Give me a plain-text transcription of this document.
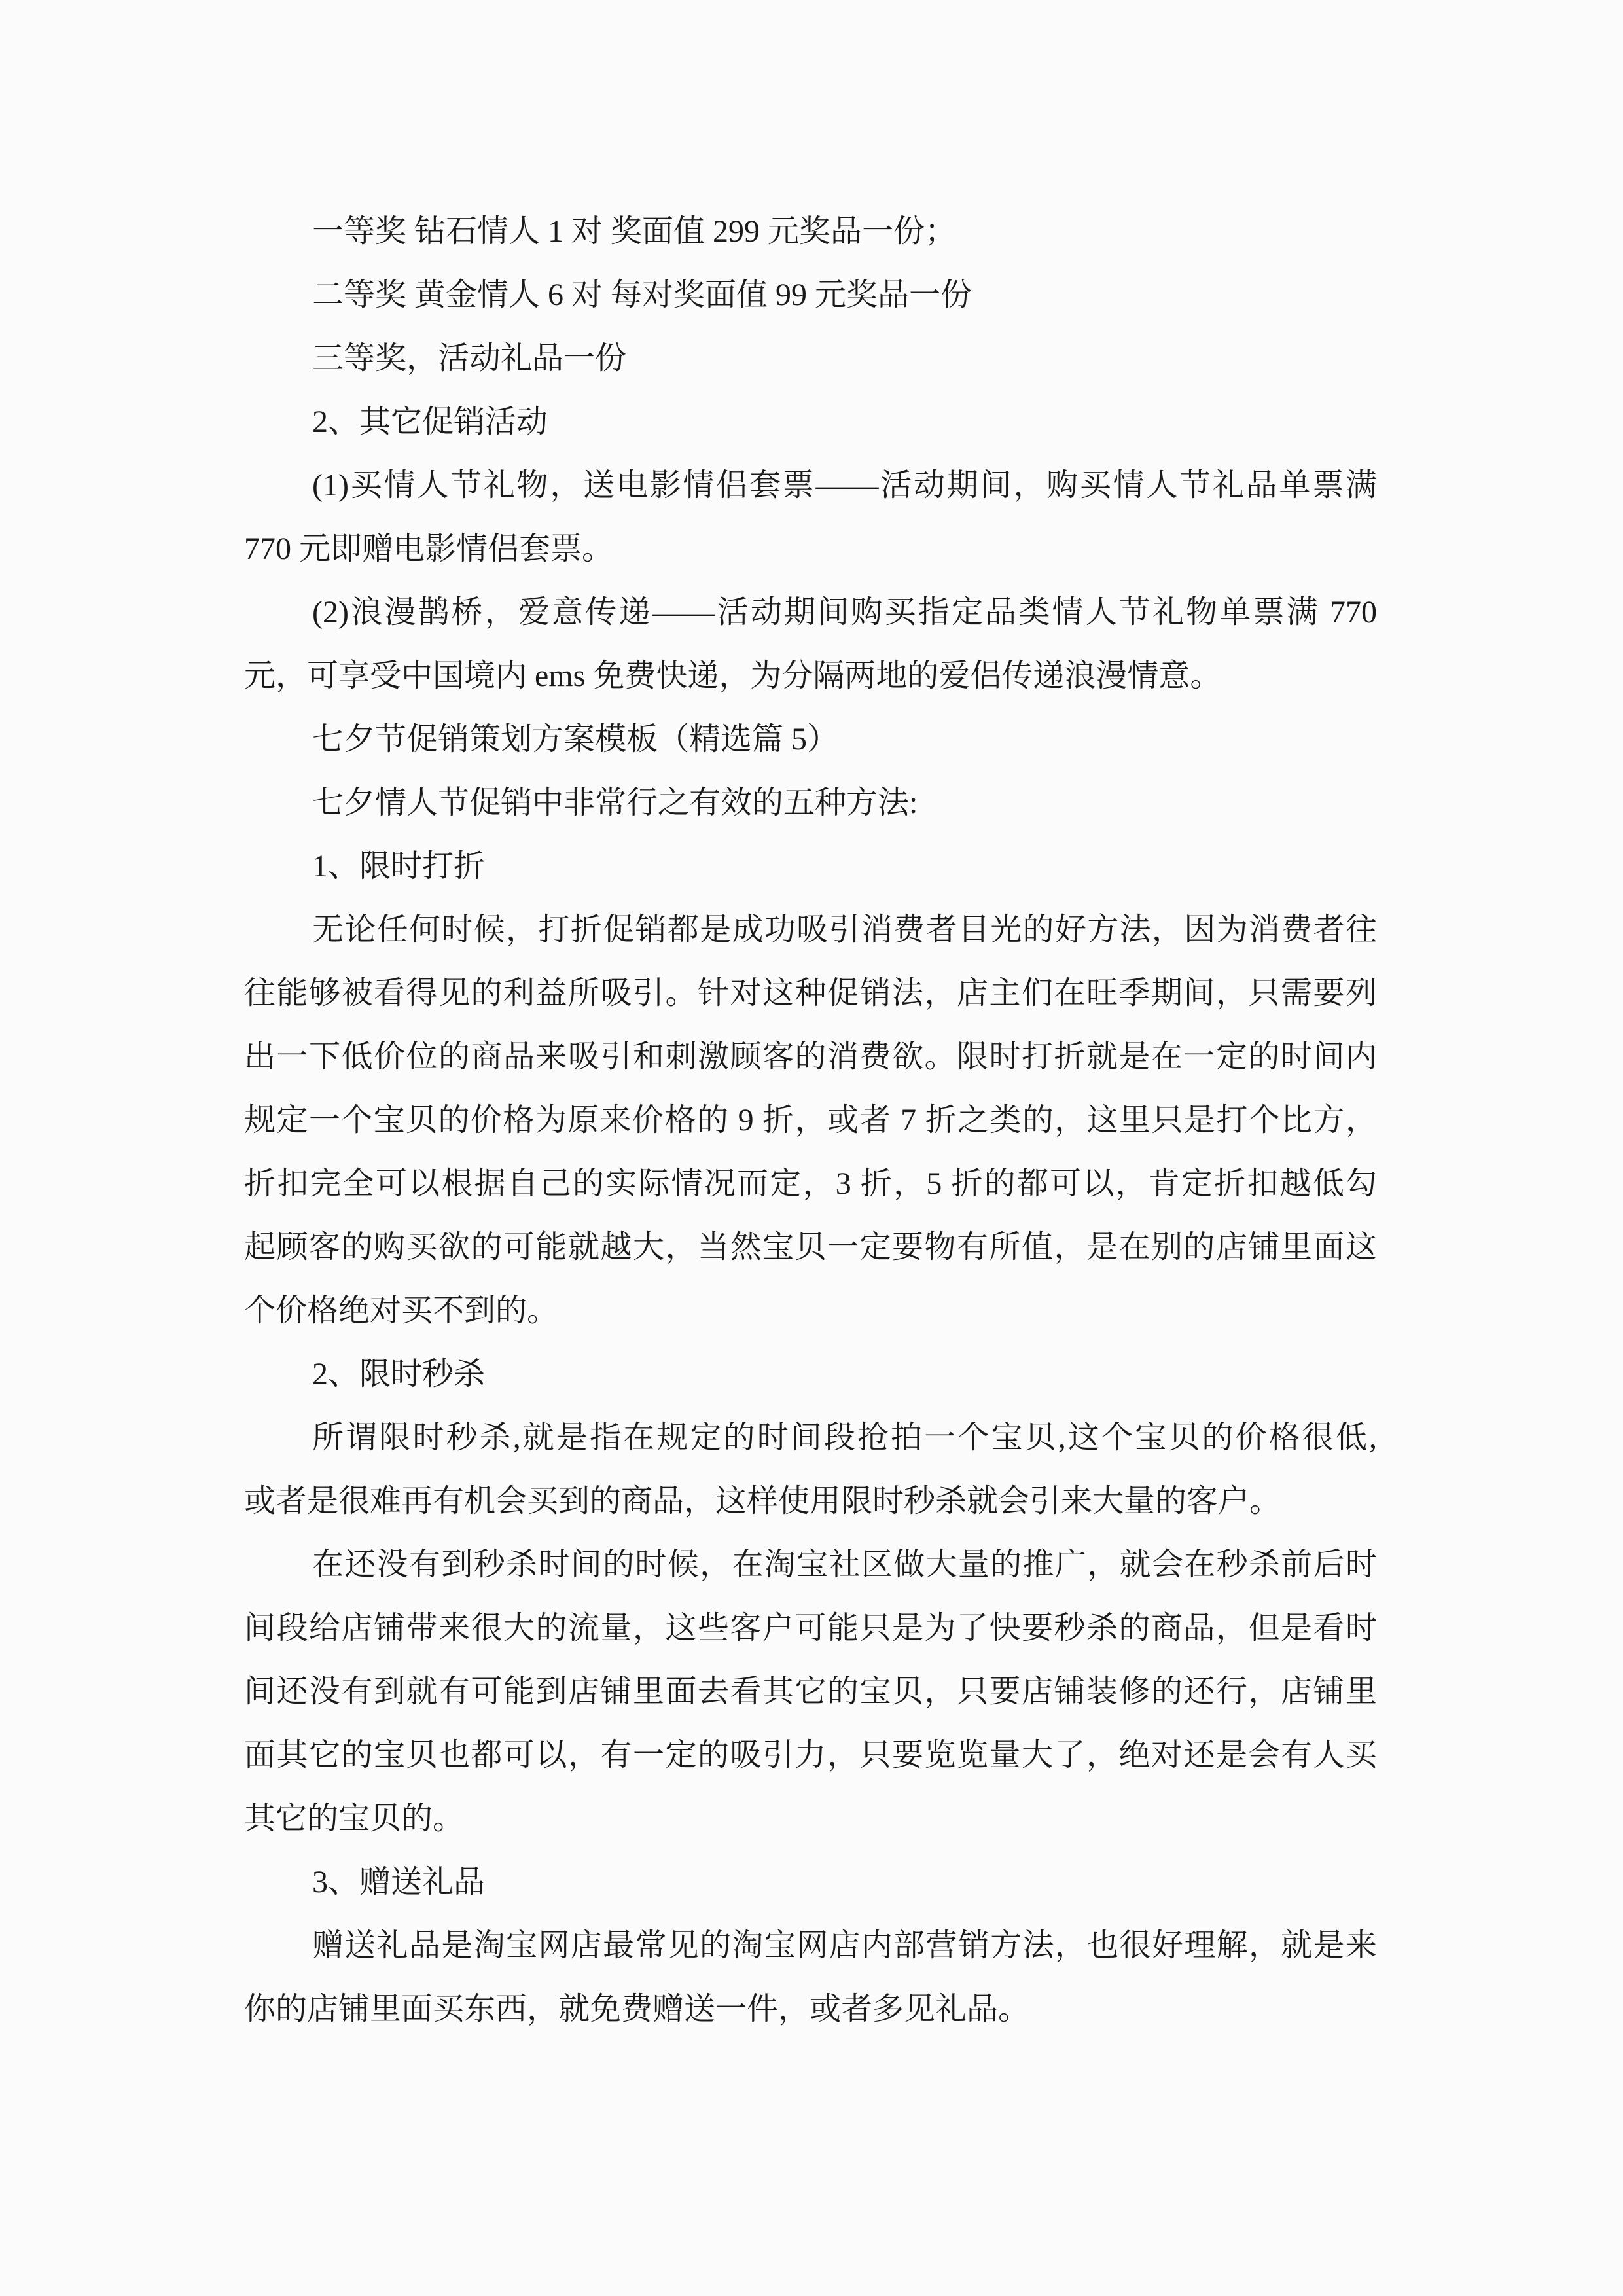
一等奖 钻石情人 1 对 奖面值 299 元奖品一份；
二等奖 黄金情人 6 对 每对奖面值 99 元奖品一份
三等奖，活动礼品一份
2、其它促销活动
(1)买情人节礼物，送电影情侣套票——活动期间，购买情人节礼品单票满
770 元即赠电影情侣套票。
(2)浪漫鹊桥，爱意传递——活动期间购买指定品类情人节礼物单票满 770
元，可享受中国境内 ems 免费快递，为分隔两地的爱侣传递浪漫情意。
七夕节促销策划方案模板（精选篇 5）
七夕情人节促销中非常行之有效的五种方法:
1、限时打折
无论任何时候，打折促销都是成功吸引消费者目光的好方法，因为消费者往
往能够被看得见的利益所吸引。针对这种促销法，店主们在旺季期间，只需要列
出一下低价位的商品来吸引和刺激顾客的消费欲。限时打折就是在一定的时间内
规定一个宝贝的价格为原来价格的 9 折，或者 7 折之类的，这里只是打个比方，
折扣完全可以根据自己的实际情况而定，3 折，5 折的都可以，肯定折扣越低勾
起顾客的购买欲的可能就越大，当然宝贝一定要物有所值，是在别的店铺里面这
个价格绝对买不到的。
2、限时秒杀
所谓限时秒杀,就是指在规定的时间段抢拍一个宝贝,这个宝贝的价格很低,
或者是很难再有机会买到的商品，这样使用限时秒杀就会引来大量的客户。
在还没有到秒杀时间的时候，在淘宝社区做大量的推广，就会在秒杀前后时
间段给店铺带来很大的流量，这些客户可能只是为了快要秒杀的商品，但是看时
间还没有到就有可能到店铺里面去看其它的宝贝，只要店铺装修的还行，店铺里
面其它的宝贝也都可以，有一定的吸引力，只要览览量大了，绝对还是会有人买
其它的宝贝的。
3、赠送礼品
赠送礼品是淘宝网店最常见的淘宝网店内部营销方法，也很好理解，就是来
你的店铺里面买东西，就免费赠送一件，或者多见礼品。
